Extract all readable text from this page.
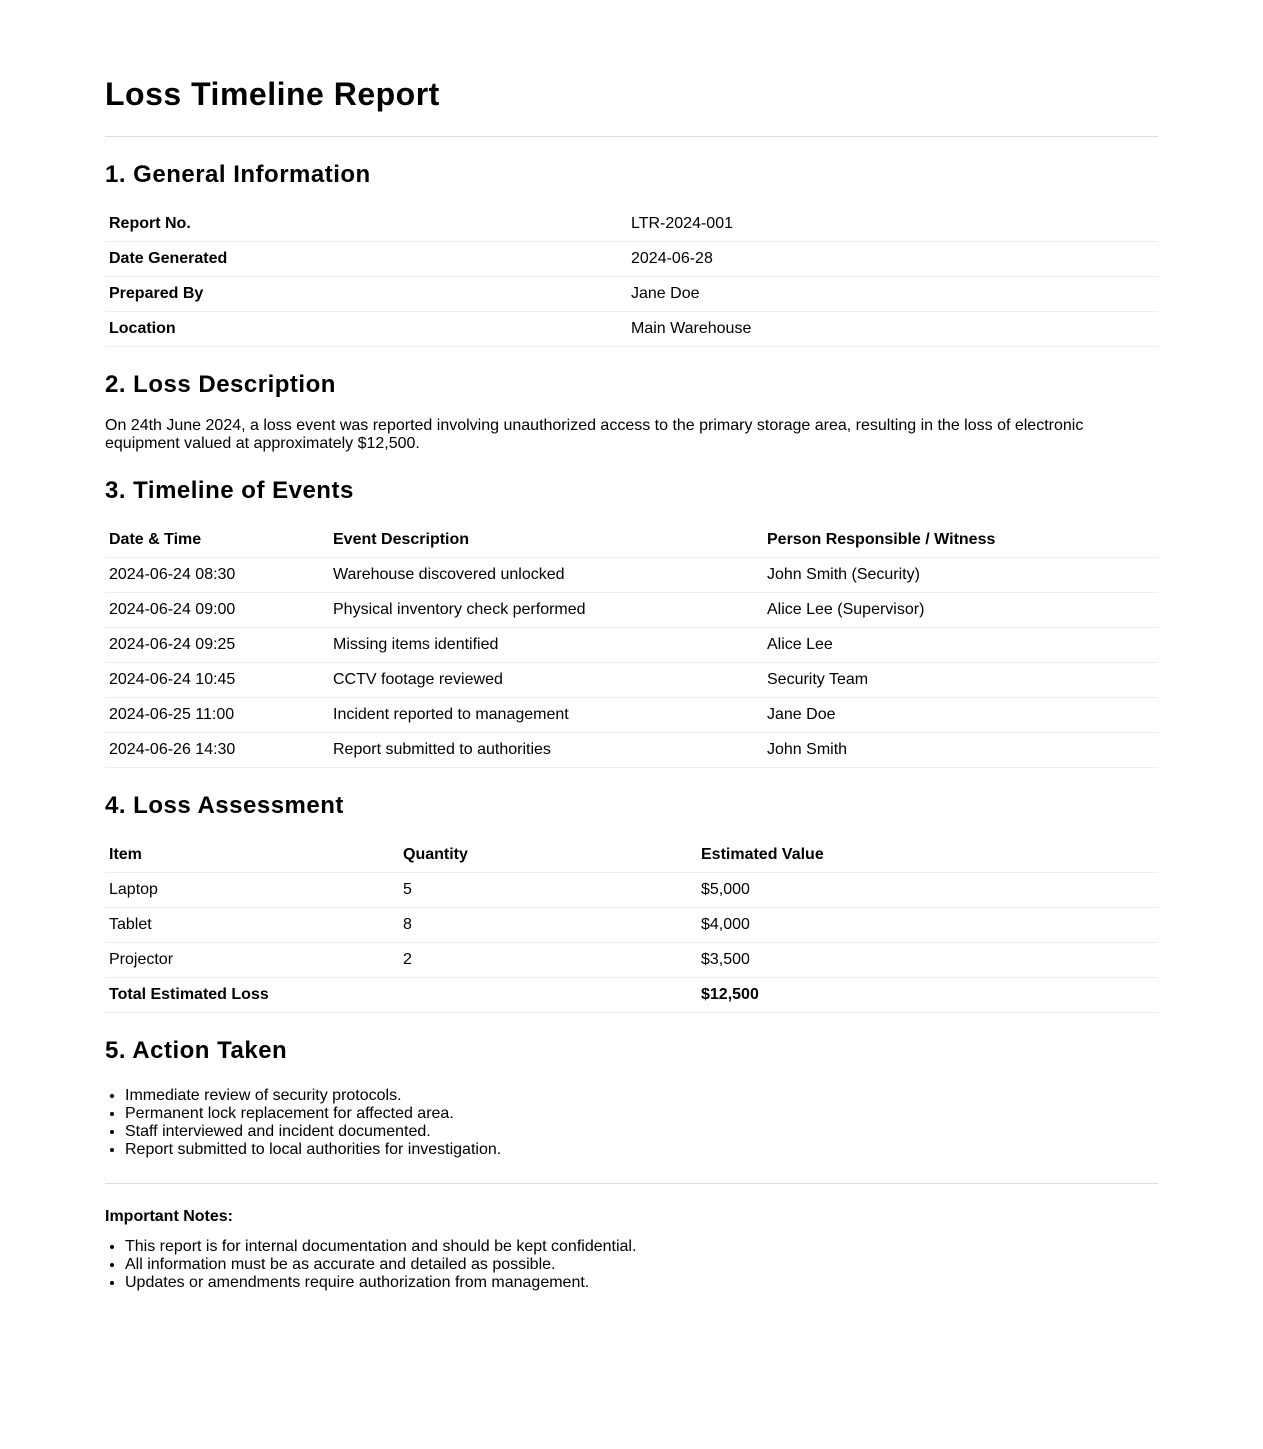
Loss Timeline Report
1. General Information
Report No.	LTR-2024-001
Date Generated	2024-06-28
Prepared By	Jane Doe
Location	Main Warehouse
2. Loss Description

On 24th June 2024, a loss event was reported involving unauthorized access to the primary storage area, resulting in the loss of electronic equipment valued at approximately $12,500.

3. Timeline of Events
Date & Time	Event Description	Person Responsible / Witness
2024-06-24 08:30	Warehouse discovered unlocked	John Smith (Security)
2024-06-24 09:00	Physical inventory check performed	Alice Lee (Supervisor)
2024-06-24 09:25	Missing items identified	Alice Lee
2024-06-24 10:45	CCTV footage reviewed	Security Team
2024-06-25 11:00	Incident reported to management	Jane Doe
2024-06-26 14:30	Report submitted to authorities	John Smith
4. Loss Assessment
Item	Quantity	Estimated Value
Laptop	5	$5,000
Tablet	8	$4,000
Projector	2	$3,500
Total Estimated Loss		$12,500
5. Action Taken
• Immediate review of security protocols.
• Permanent lock replacement for affected area.
• Staff interviewed and incident documented.
• Report submitted to local authorities for investigation.
Important Notes:
• This report is for internal documentation and should be kept confidential.
• All information must be as accurate and detailed as possible.
• Updates or amendments require authorization from management.
